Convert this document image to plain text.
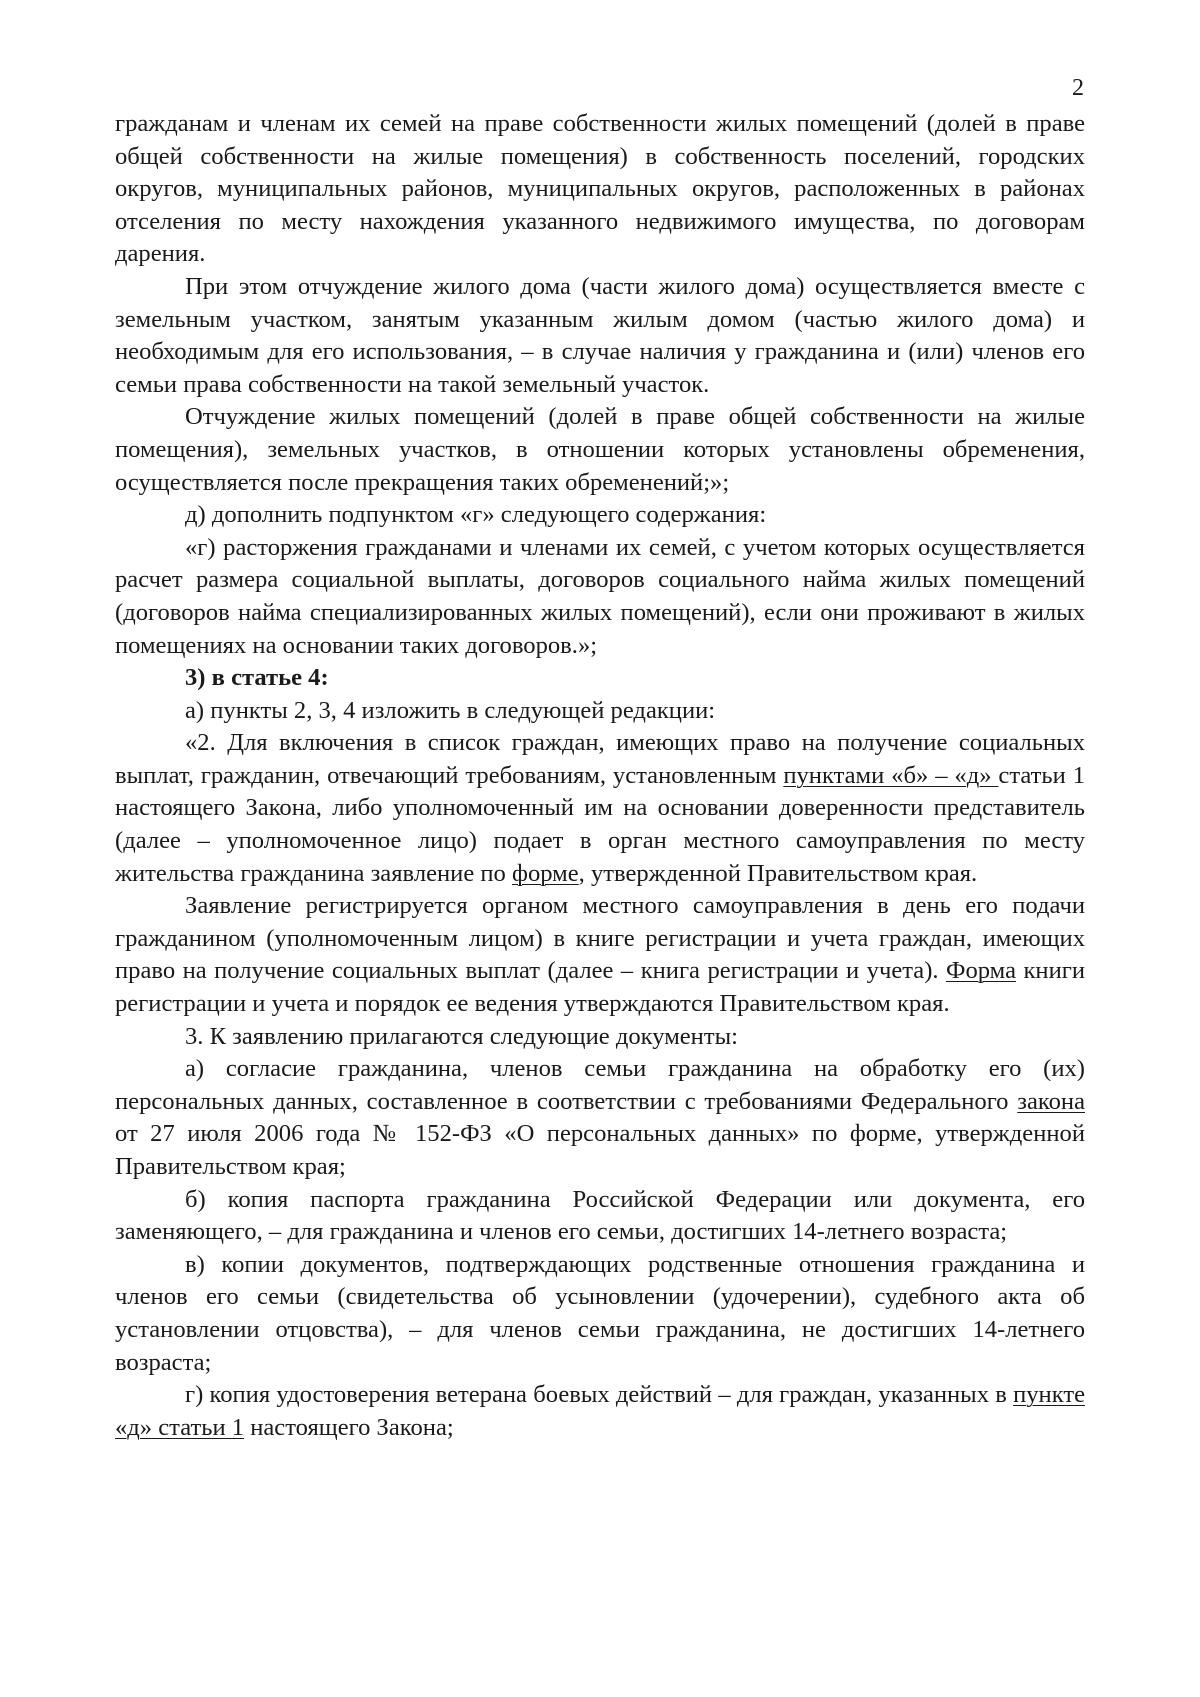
2

гражданам и членам их семей на праве собственности жилых помещений (долей в праве общей собственности на жилые помещения) в собственность поселений, городских округов, муниципальных районов, муниципальных округов, расположенных в районах отселения по месту нахождения указанного недвижимого имущества, по договорам дарения.

При этом отчуждение жилого дома (части жилого дома) осуществляется вместе с земельным участком, занятым указанным жилым домом (частью жилого дома) и необходимым для его использования, – в случае наличия у гражданина и (или) членов его семьи права собственности на такой земельный участок.

Отчуждение жилых помещений (долей в праве общей собственности на жилые помещения), земельных участков, в отношении которых установлены обременения, осуществляется после прекращения таких обременений;»;

д) дополнить подпунктом «г» следующего содержания:

«г) расторжения гражданами и членами их семей, с учетом которых осуществляется расчет размера социальной выплаты, договоров социального найма жилых помещений (договоров найма специализированных жилых помещений), если они проживают в жилых помещениях на основании таких договоров.»;

3) в статье 4:

а) пункты 2, 3, 4 изложить в следующей редакции:

«2. Для включения в список граждан, имеющих право на получение социальных выплат, гражданин, отвечающий требованиям, установленным пунктами «б» – «д» статьи 1 настоящего Закона, либо уполномоченный им на основании доверенности представитель (далее – уполномоченное лицо) подает в орган местного самоуправления по месту жительства гражданина заявление по форме, утвержденной Правительством края.

Заявление регистрируется органом местного самоуправления в день его подачи гражданином (уполномоченным лицом) в книге регистрации и учета граждан, имеющих право на получение социальных выплат (далее – книга регистрации и учета). Форма книги регистрации и учета и порядок ее ведения утверждаются Правительством края.

3. К заявлению прилагаются следующие документы:

а) согласие гражданина, членов семьи гражданина на обработку его (их) персональных данных, составленное в соответствии с требованиями Федерального закона от 27 июля 2006 года № 152-ФЗ «О персональных данных» по форме, утвержденной Правительством края;

б) копия паспорта гражданина Российской Федерации или документа, его заменяющего, – для гражданина и членов его семьи, достигших 14-летнего возраста;

в) копии документов, подтверждающих родственные отношения гражданина и членов его семьи (свидетельства об усыновлении (удочерении), судебного акта об установлении отцовства), – для членов семьи гражданина, не достигших 14-летнего возраста;

г) копия удостоверения ветерана боевых действий – для граждан, указанных в пункте «д» статьи 1 настоящего Закона;
